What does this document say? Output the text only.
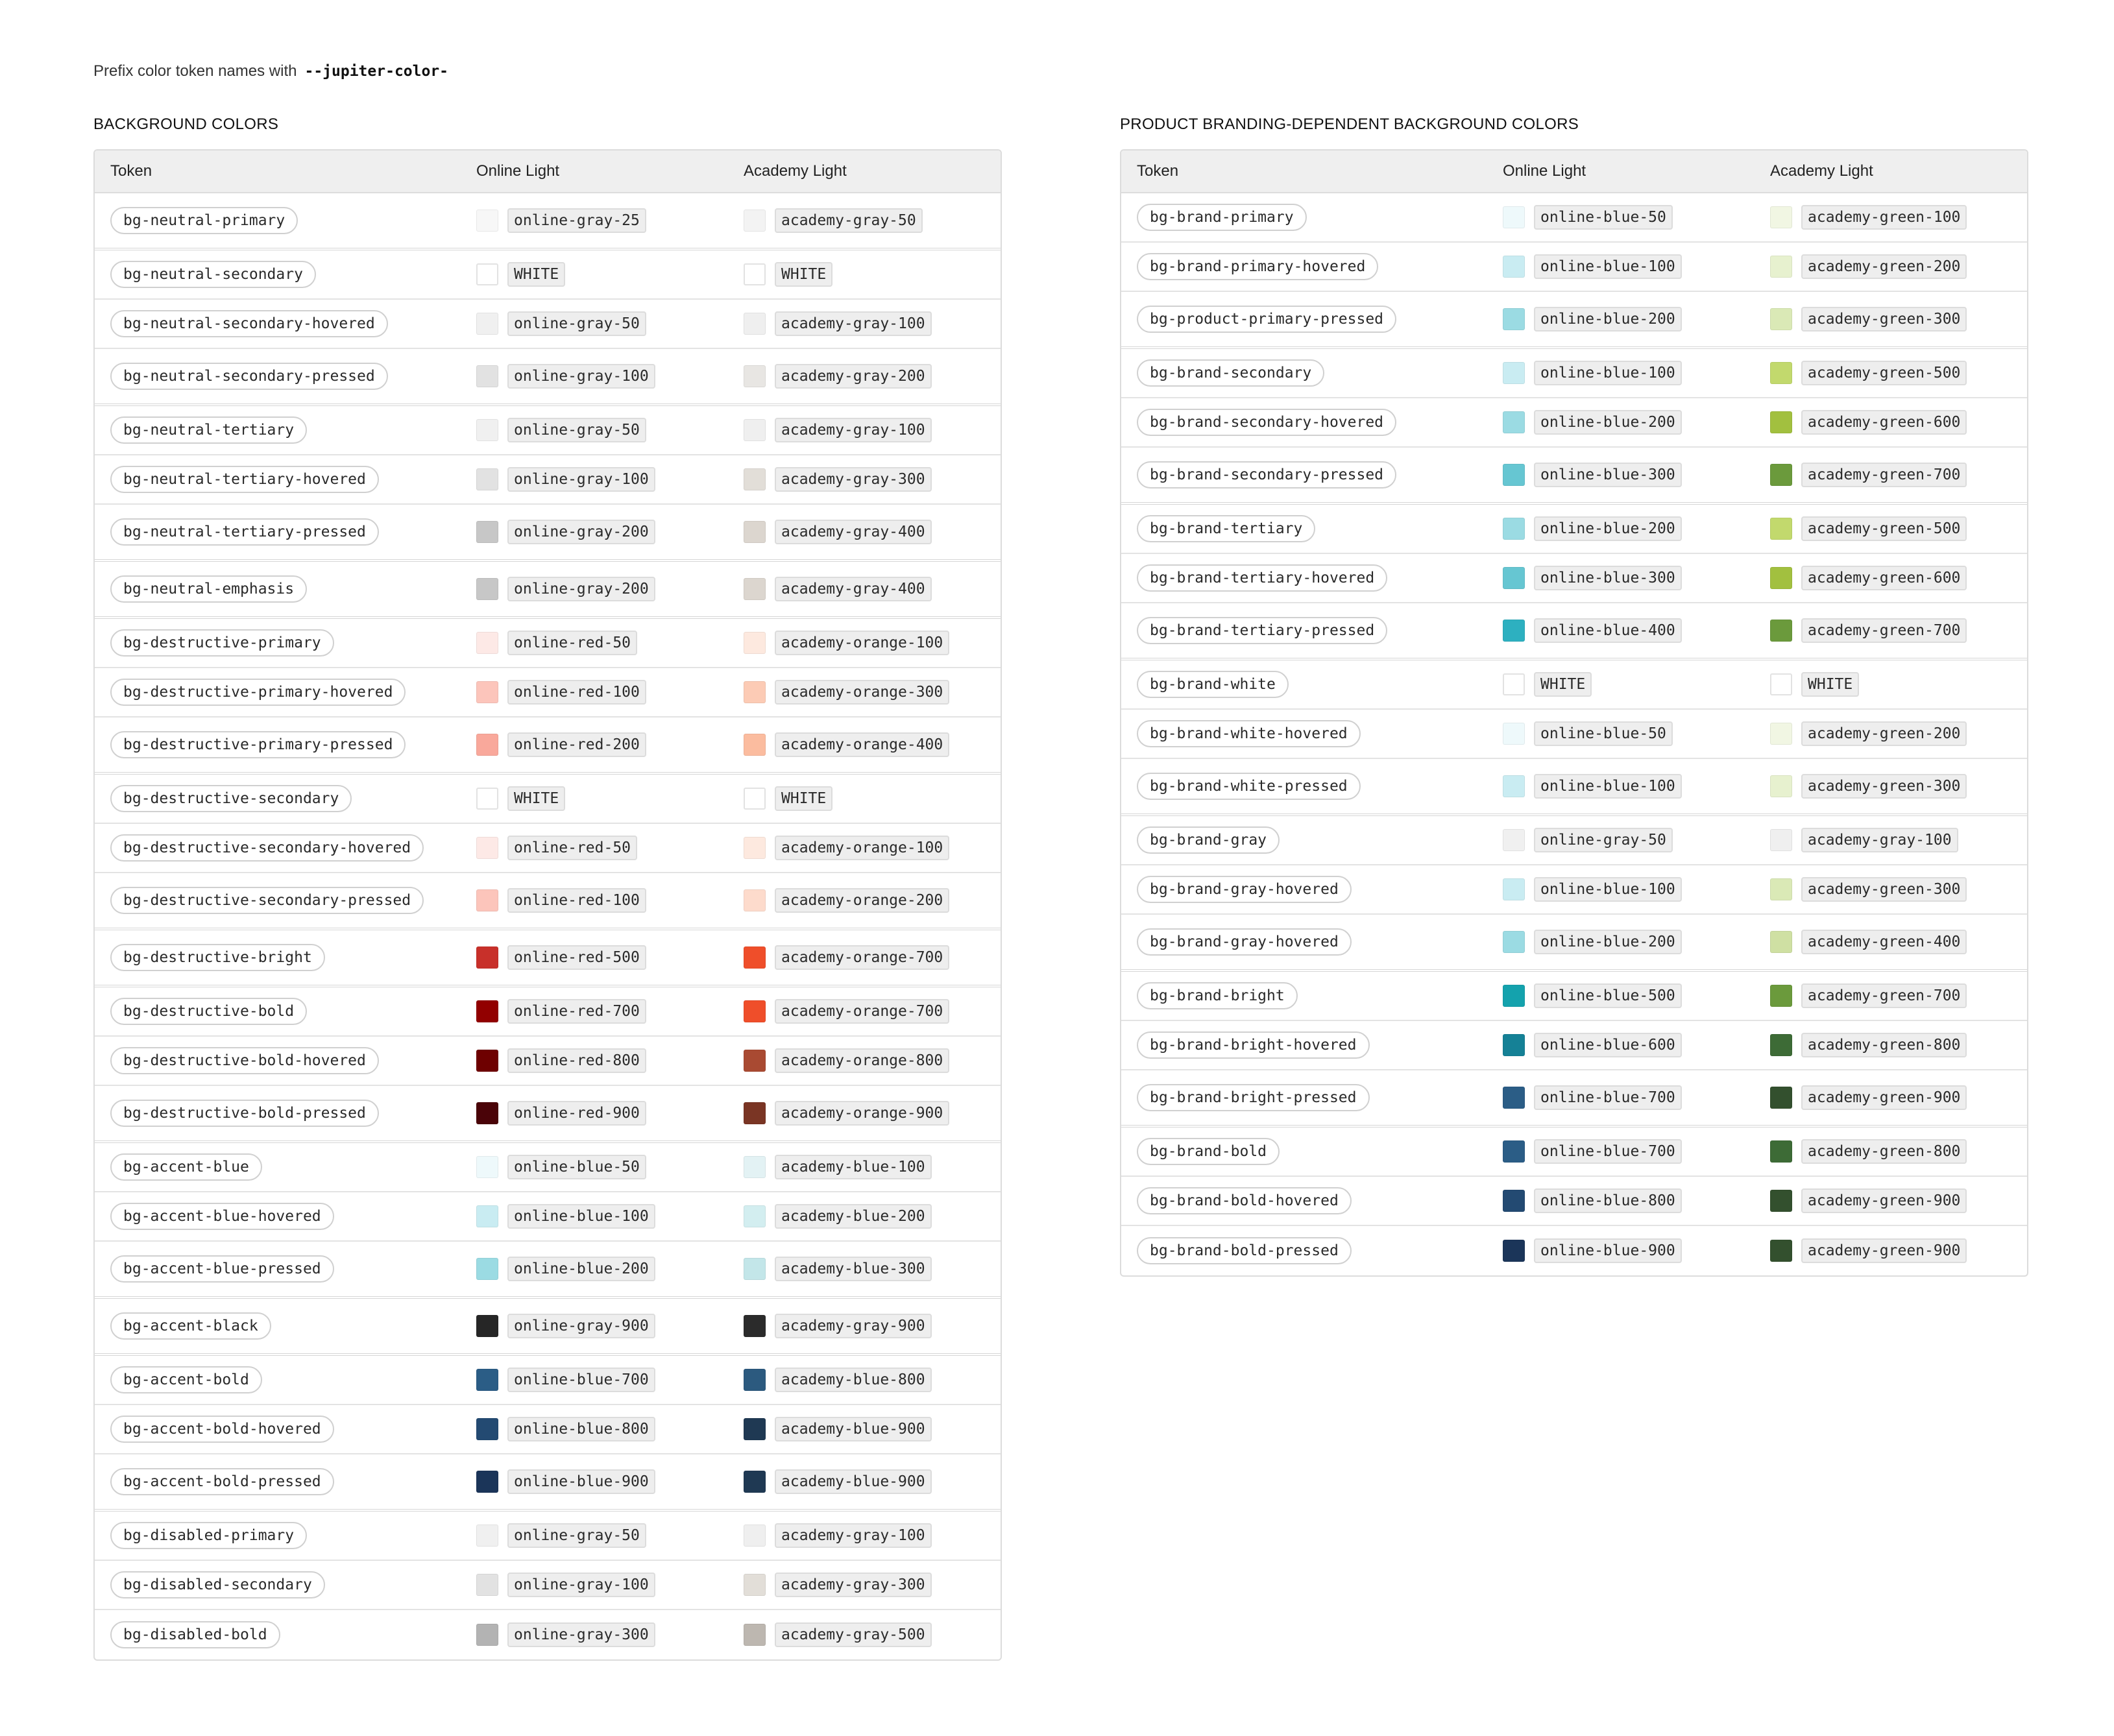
Prefix color token names with --jupiter-color-
BACKGROUND COLORS
Token	Online Light	Academy Light
bg-neutral-primary	online-gray-25	academy-gray-50
bg-neutral-secondary	WHITE	WHITE
bg-neutral-secondary-hovered	online-gray-50	academy-gray-100
bg-neutral-secondary-pressed	online-gray-100	academy-gray-200
bg-neutral-tertiary	online-gray-50	academy-gray-100
bg-neutral-tertiary-hovered	online-gray-100	academy-gray-300
bg-neutral-tertiary-pressed	online-gray-200	academy-gray-400
bg-neutral-emphasis	online-gray-200	academy-gray-400
bg-destructive-primary	online-red-50	academy-orange-100
bg-destructive-primary-hovered	online-red-100	academy-orange-300
bg-destructive-primary-pressed	online-red-200	academy-orange-400
bg-destructive-secondary	WHITE	WHITE
bg-destructive-secondary-hovered	online-red-50	academy-orange-100
bg-destructive-secondary-pressed	online-red-100	academy-orange-200
bg-destructive-bright	online-red-500	academy-orange-700
bg-destructive-bold	online-red-700	academy-orange-700
bg-destructive-bold-hovered	online-red-800	academy-orange-800
bg-destructive-bold-pressed	online-red-900	academy-orange-900
bg-accent-blue	online-blue-50	academy-blue-100
bg-accent-blue-hovered	online-blue-100	academy-blue-200
bg-accent-blue-pressed	online-blue-200	academy-blue-300
bg-accent-black	online-gray-900	academy-gray-900
bg-accent-bold	online-blue-700	academy-blue-800
bg-accent-bold-hovered	online-blue-800	academy-blue-900
bg-accent-bold-pressed	online-blue-900	academy-blue-900
bg-disabled-primary	online-gray-50	academy-gray-100
bg-disabled-secondary	online-gray-100	academy-gray-300
bg-disabled-bold	online-gray-300	academy-gray-500
PRODUCT BRANDING-DEPENDENT BACKGROUND COLORS
Token	Online Light	Academy Light
bg-brand-primary	online-blue-50	academy-green-100
bg-brand-primary-hovered	online-blue-100	academy-green-200
bg-product-primary-pressed	online-blue-200	academy-green-300
bg-brand-secondary	online-blue-100	academy-green-500
bg-brand-secondary-hovered	online-blue-200	academy-green-600
bg-brand-secondary-pressed	online-blue-300	academy-green-700
bg-brand-tertiary	online-blue-200	academy-green-500
bg-brand-tertiary-hovered	online-blue-300	academy-green-600
bg-brand-tertiary-pressed	online-blue-400	academy-green-700
bg-brand-white	WHITE	WHITE
bg-brand-white-hovered	online-blue-50	academy-green-200
bg-brand-white-pressed	online-blue-100	academy-green-300
bg-brand-gray	online-gray-50	academy-gray-100
bg-brand-gray-hovered	online-blue-100	academy-green-300
bg-brand-gray-hovered	online-blue-200	academy-green-400
bg-brand-bright	online-blue-500	academy-green-700
bg-brand-bright-hovered	online-blue-600	academy-green-800
bg-brand-bright-pressed	online-blue-700	academy-green-900
bg-brand-bold	online-blue-700	academy-green-800
bg-brand-bold-hovered	online-blue-800	academy-green-900
bg-brand-bold-pressed	online-blue-900	academy-green-900
